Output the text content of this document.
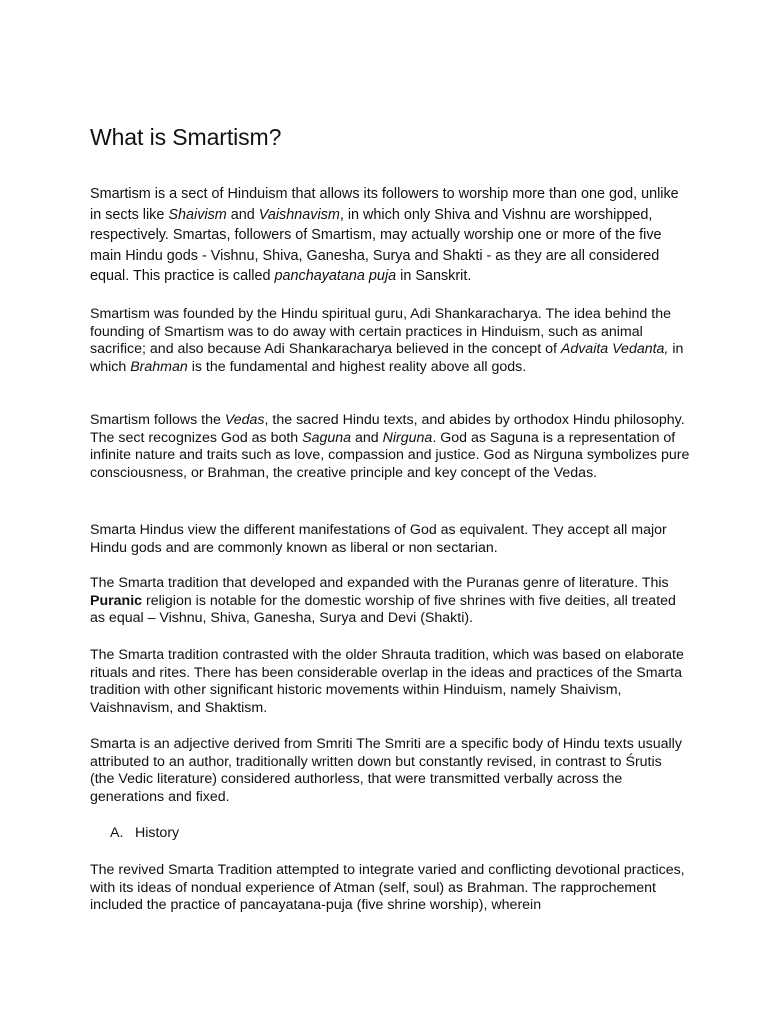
What is Smartism?

Smartism is a sect of Hinduism that allows its followers to worship more than one god, unlike in sects like Shaivism and Vaishnavism, in which only Shiva and Vishnu are worshipped, respectively. Smartas, followers of Smartism, may actually worship one or more of the five main Hindu gods - Vishnu, Shiva, Ganesha, Surya and Shakti - as they are all considered equal. This practice is called panchayatana puja in Sanskrit.

Smartism was founded by the Hindu spiritual guru, Adi Shankaracharya. The idea behind the founding of Smartism was to do away with certain practices in Hinduism, such as animal sacrifice; and also because Adi Shankaracharya believed in the concept of Advaita Vedanta, in which Brahman is the fundamental and highest reality above all gods.

Smartism follows the Vedas, the sacred Hindu texts, and abides by orthodox Hindu philosophy. The sect recognizes God as both Saguna and Nirguna. God as Saguna is a representation of infinite nature and traits such as love, compassion and justice. God as Nirguna symbolizes pure consciousness, or Brahman, the creative principle and key concept of the Vedas.

Smarta Hindus view the different manifestations of God as equivalent. They accept all major Hindu gods and are commonly known as liberal or non sectarian.

The Smarta tradition that developed and expanded with the Puranas genre of literature. This Puranic religion is notable for the domestic worship of five shrines with five deities, all treated as equal – Vishnu, Shiva, Ganesha, Surya and Devi (Shakti).

The Smarta tradition contrasted with the older Shrauta tradition, which was based on elaborate rituals and rites. There has been considerable overlap in the ideas and practices of the Smarta tradition with other significant historic movements within Hinduism, namely Shaivism, Vaishnavism, and Shaktism.

Smarta is an adjective derived from Smriti The Smriti are a specific body of Hindu texts usually attributed to an author, traditionally written down but constantly revised, in contrast to Śrutis (the Vedic literature) considered authorless, that were transmitted verbally across the generations and fixed.

A. History

The revived Smarta Tradition attempted to integrate varied and conflicting devotional practices, with its ideas of nondual experience of Atman (self, soul) as Brahman. The rapprochement included the practice of pancayatana-puja (five shrine worship), wherein
